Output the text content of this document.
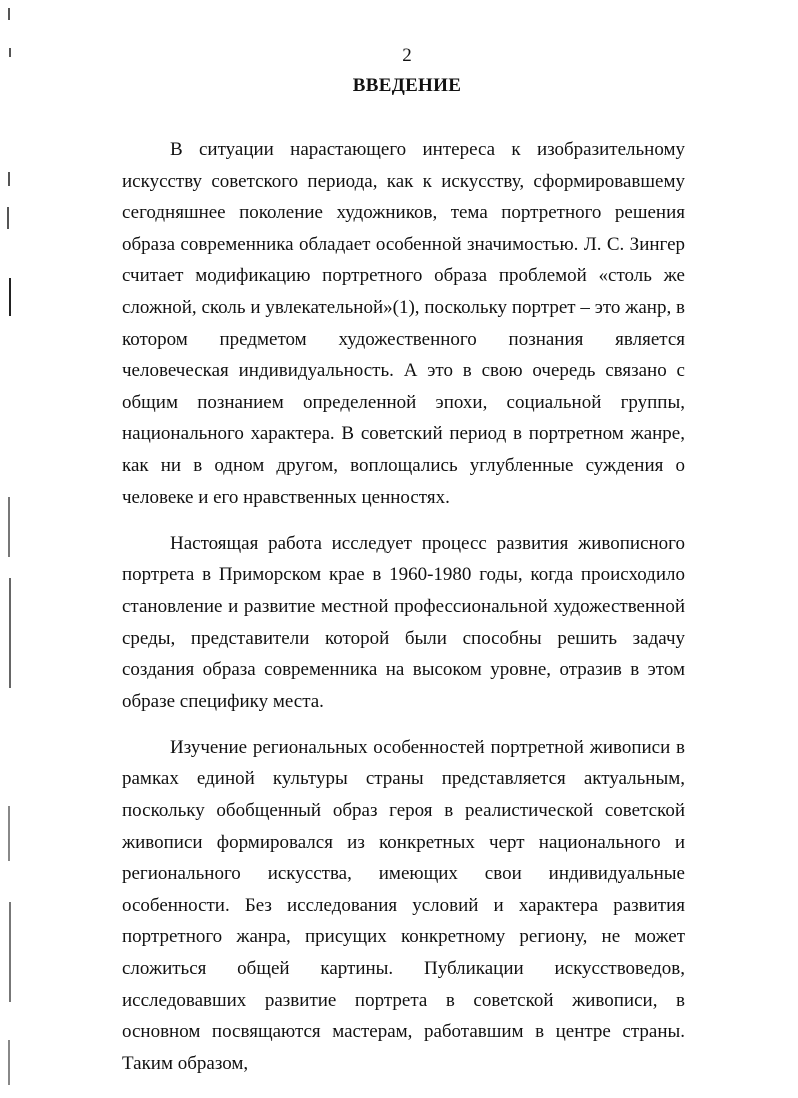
2
ВВЕДЕНИЕ

В ситуации нарастающего интереса к изобразительному искусству советского периода, как к искусству, сформировавшему сегодняшнее поколение художников, тема портретного решения образа современника обладает особенной значимостью. Л. С. Зингер считает модификацию портретного образа проблемой «столь же сложной, сколь и увлекательной»(1), поскольку портрет – это жанр, в котором предметом художественного познания является человеческая индивидуальность. А это в свою очередь связано с общим познанием определенной эпохи, социальной группы, национального характера. В советский период в портретном жанре, как ни в одном другом, воплощались углубленные суждения о человеке и его нравственных ценностях.

Настоящая работа исследует процесс развития живописного портрета в Приморском крае в 1960-1980 годы, когда происходило становление и развитие местной профессиональной художественной среды, представители которой были способны решить задачу создания образа современника на высоком уровне, отразив в этом образе специфику места.

Изучение региональных особенностей портретной живописи в рамках единой культуры страны представляется актуальным, поскольку обобщенный образ героя в реалистической советской живописи формировался из конкретных черт национального и регионального искусства, имеющих свои индивидуальные особенности. Без исследования условий и характера развития портретного жанра, присущих конкретному региону, не может сложиться общей картины. Публикации искусствоведов, исследовавших развитие портрета в советской живописи, в основном посвящаются мастерам, работавшим в центре страны. Таким образом,
